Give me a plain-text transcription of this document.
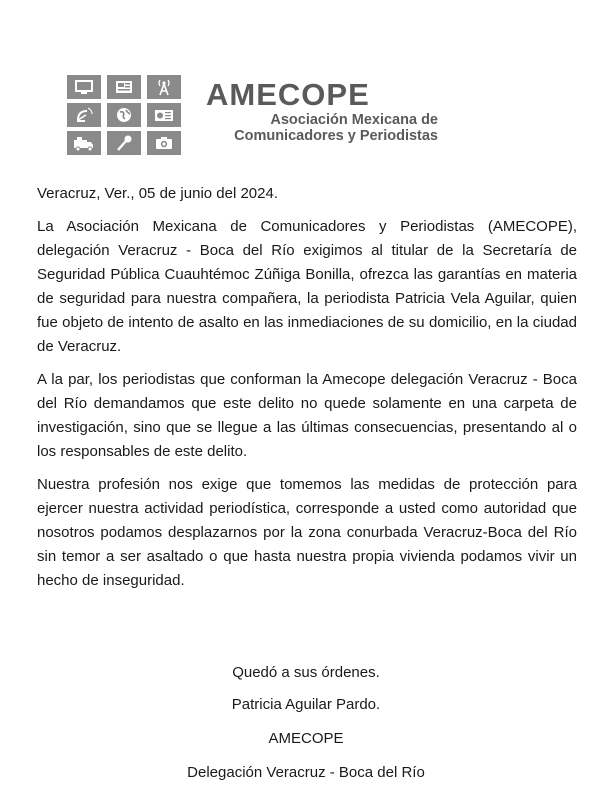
AMECOPE
Asociación Mexicana de
Comunicadores y Periodistas

Veracruz, Ver., 05 de junio del 2024.

La Asociación Mexicana de Comunicadores y Periodistas (AMECOPE), delegación Veracruz - Boca del Río exigimos al titular de la Secretaría de Seguridad Pública Cuauhtémoc Zúñiga Bonilla, ofrezca las garantías en materia de seguridad para nuestra compañera, la periodista Patricia Vela Aguilar, quien fue objeto de intento de asalto en las inmediaciones de su domicilio, en la ciudad de Veracruz.

A la par, los periodistas que conforman la Amecope delegación Veracruz - Boca del Río demandamos que este delito no quede solamente en una carpeta de investigación, sino que se llegue a las últimas consecuencias, presentando al o los responsables de este delito.

Nuestra profesión nos exige que tomemos las medidas de protección para ejercer nuestra actividad periodística, corresponde a usted como autoridad que nosotros podamos desplazarnos por la zona conurbada Veracruz-Boca del Río sin temor a ser asaltado o que hasta nuestra propia vivienda podamos vivir un hecho de inseguridad.

Quedó a sus órdenes.
Patricia Aguilar Pardo.
AMECOPE
Delegación Veracruz - Boca del Río
